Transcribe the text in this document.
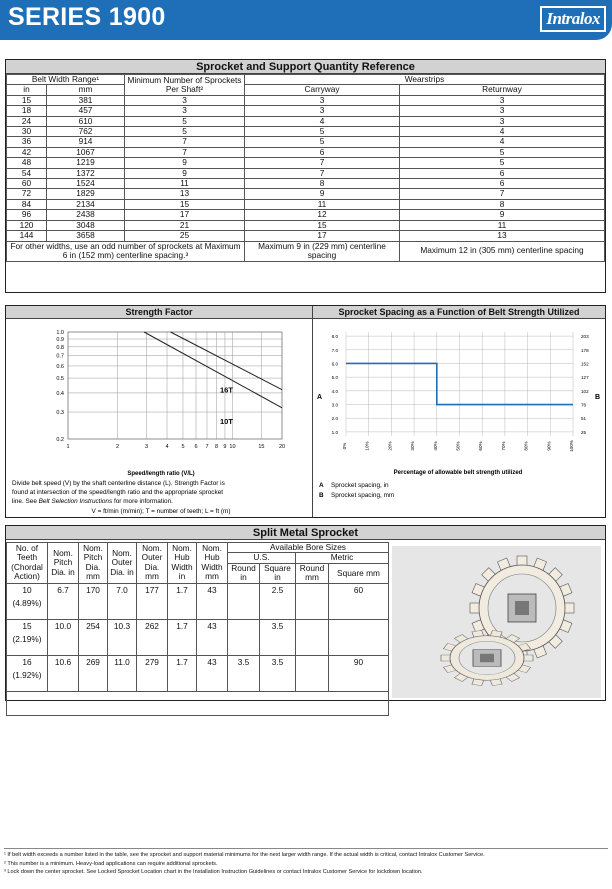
SERIES 1900	Intralox
Sprocket and Support Quantity Reference
Belt Width Range¹		Minimum Number of Sprockets Per Shaft²	Wearstrips	
in	mm		Carryway	Returnway
15	381	3	3	3
18	457	3	3	3
24	610	5	4	3
30	762	5	5	4
36	914	7	5	4
42	1067	7	6	5
48	1219	9	7	5
54	1372	9	7	6
60	1524	11	8	6
72	1829	13	9	7
84	2134	15	11	8
96	2438	17	12	9
120	3048	21	15	11
144	3658	25	17	13
For other widths, use an odd number of sprockets at Maximum 6 in (152 mm) centerline spacing.³			Maximum 9 in (229 mm) centerline spacing	Maximum 12 in (305 mm) centerline spacing
Strength Factor
1	2	3	4 5 6 7 8 9 10	15	20
1.0
0.9
0.8
0.7
0.6
0.5
0.4
0.3
0.2
16T
10T
Speed/length ratio (V/L)
Divide belt speed (V) by the shaft centerline distance (L). Strength Factor is
found at intersection of the speed/length ratio and the appropriate sprocket
line. See Belt Selection Instructions for more information.
V = ft/min (m/min); T = number of teeth; L = ft (m)
Sprocket Spacing as a Function of Belt Strength Utilized
0%	10%	20%	30%	40%	50%	60%	70%	80%	90%	100%
8.0	203
7.0	178
6.0	152
5.0	127
4.0	102
3.0	76
2.0	51
1.0	25
A	B
Percentage of allowable belt strength utilized
A Sprocket spacing, in
B Sprocket spacing, mm
Split Metal Sprocket
No. of Teeth (Chordal Action)	Nom. Pitch Dia. in	Nom. Pitch Dia. mm	Nom. Outer Dia. in	Nom. Outer Dia. mm	Nom. Hub Width in	Nom. Hub Width mm	Available Bore Sizes			
							U.S.		Metric	
							Round in	Square in	Round mm	Square mm

10
(4.89%)	6.7	170	7.0	177	1.7	43		2.5		60

15
(2.19%)	10.0	254	10.3	262	1.7	43		3.5		

16
(1.92%)	10.6	269	11.0	279	1.7	43	3.5	3.5		90

¹ If belt width exceeds a number listed in the table, see the sprocket and support material minimums for the next larger width range. If the actual width is critical, contact Intralox Customer Service.
² This number is a minimum. Heavy-load applications can require additional sprockets.
³ Lock down the center sprocket. See Locked Sprocket Location chart in the Installation Instruction Guidelines or contact Intralox Customer Service for lockdown location.
